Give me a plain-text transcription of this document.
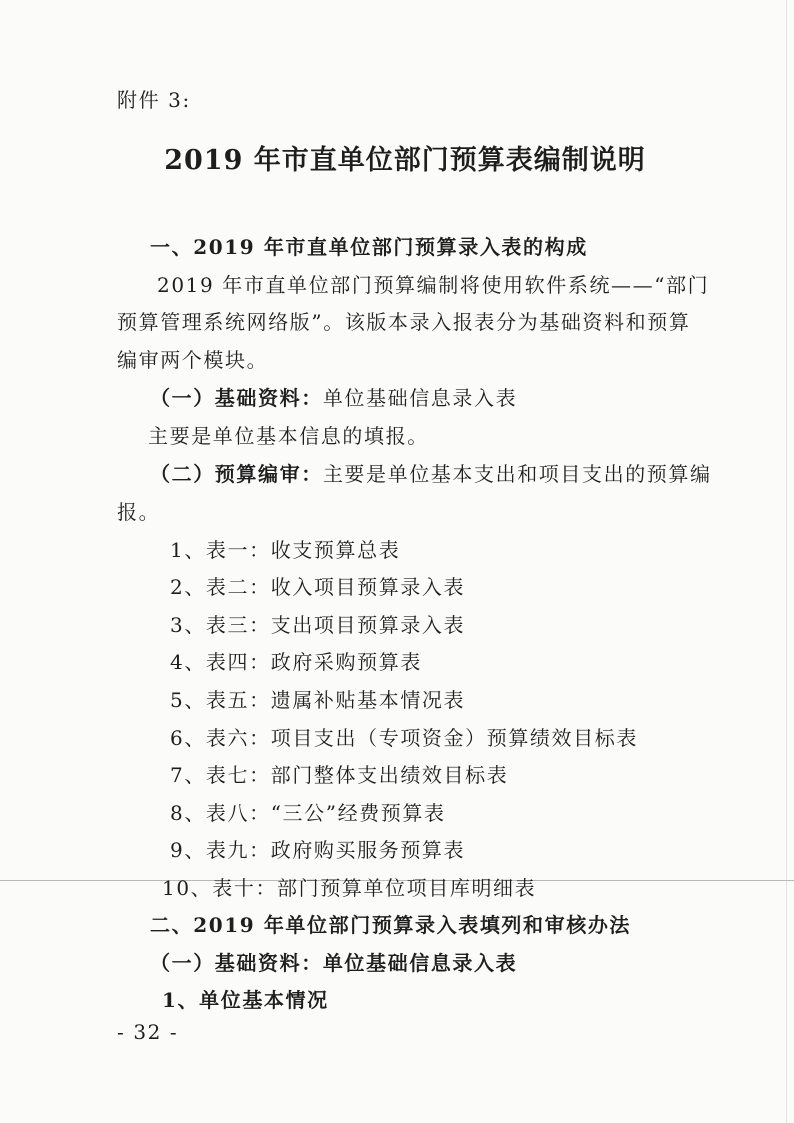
附件 3:
2019 年市直单位部门预算表编制说明
一、2019 年市直单位部门预算录入表的构成
2019 年市直单位部门预算编制将使用软件系统——“部门
预算管理系统网络版”。该版本录入报表分为基础资料和预算
编审两个模块。
（一）基础资料：单位基础信息录入表
主要是单位基本信息的填报。
（二）预算编审：主要是单位基本支出和项目支出的预算编
报。
1、表一：收支预算总表
2、表二：收入项目预算录入表
3、表三：支出项目预算录入表
4、表四：政府采购预算表
5、表五：遗属补贴基本情况表
6、表六：项目支出（专项资金）预算绩效目标表
7、表七：部门整体支出绩效目标表
8、表八：“三公”经费预算表
9、表九：政府购买服务预算表
10、表十：部门预算单位项目库明细表
二、2019 年单位部门预算录入表填列和审核办法
（一）基础资料：单位基础信息录入表
1、单位基本情况
- 32 -
